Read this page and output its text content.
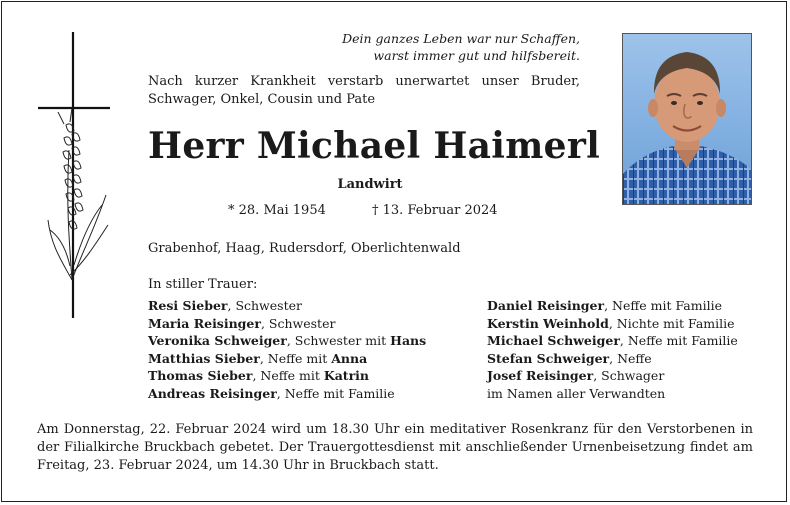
Dein ganzes Leben war nur Schaffen,
warst immer gut und hilfsbereit.
Nach kurzer Krankheit verstarb unerwartet unser Bruder, Schwager, Onkel, Cousin und Pate
Herr Michael Haimerl
Landwirt
* 28. Mai 1954	† 13. Februar 2024
Grabenhof, Haag, Rudersdorf, Oberlichtenwald
In stiller Trauer:
Resi Sieber, Schwester
Maria Reisinger, Schwester
Veronika Schweiger, Schwester mit Hans
Matthias Sieber, Neffe mit Anna
Thomas Sieber, Neffe mit Katrin
Andreas Reisinger, Neffe mit Familie
Daniel Reisinger, Neffe mit Familie
Kerstin Weinhold, Nichte mit Familie
Michael Schweiger, Neffe mit Familie
Stefan Schweiger, Neffe
Josef Reisinger, Schwager
im Namen aller Verwandten
Am Donnerstag, 22. Februar 2024 wird um 18.30 Uhr ein meditativer Rosenkranz für den Verstorbenen in der Filialkirche Bruckbach gebetet. Der Trauergottesdienst mit anschließender Urnenbeisetzung findet am Freitag, 23. Februar 2024, um 14.30 Uhr in Bruckbach statt.
